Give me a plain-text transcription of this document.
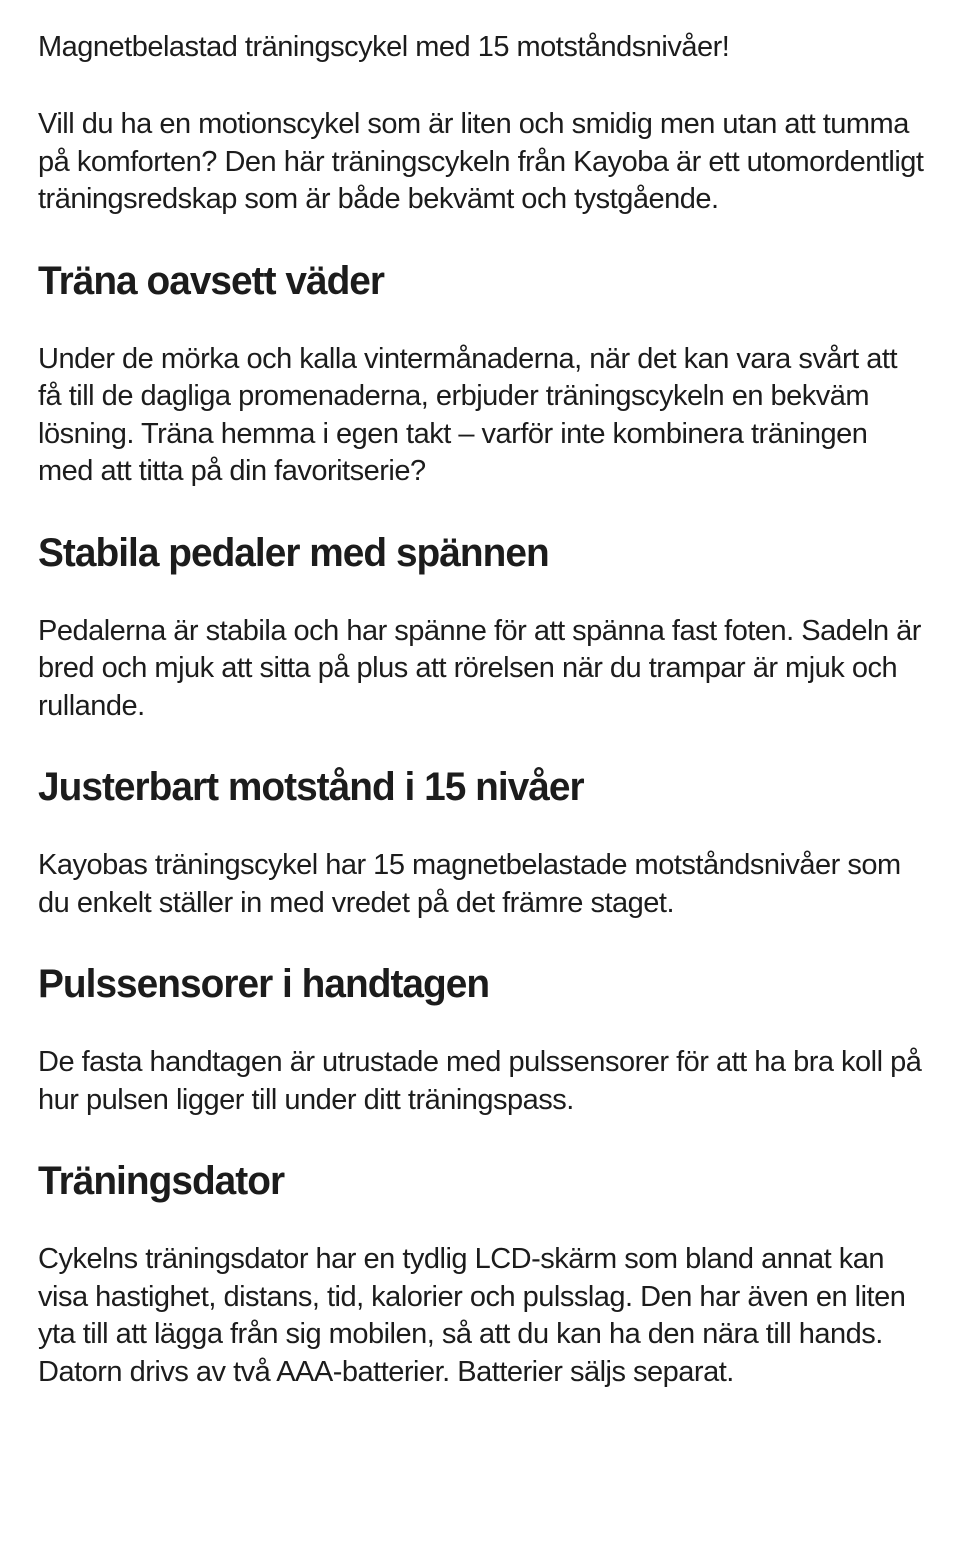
Magnetbelastad träningscykel med 15 motståndsnivåer!

Vill du ha en motionscykel som är liten och smidig men utan att tumma på komforten? Den här träningscykeln från Kayoba är ett utomordentligt träningsredskap som är både bekvämt och tystgående.

Träna oavsett väder

Under de mörka och kalla vintermånaderna, när det kan vara svårt att få till de dagliga promenaderna, erbjuder träningscykeln en bekväm lösning. Träna hemma i egen takt – varför inte kombinera träningen med att titta på din favoritserie?

Stabila pedaler med spännen

Pedalerna är stabila och har spänne för att spänna fast foten. Sadeln är bred och mjuk att sitta på plus att rörelsen när du trampar är mjuk och rullande.

Justerbart motstånd i 15 nivåer

Kayobas träningscykel har 15 magnetbelastade motståndsnivåer som du enkelt ställer in med vredet på det främre staget.

Pulssensorer i handtagen

De fasta handtagen är utrustade med pulssensorer för att ha bra koll på hur pulsen ligger till under ditt träningspass.

Träningsdator

Cykelns träningsdator har en tydlig LCD-skärm som bland annat kan visa hastighet, distans, tid, kalorier och pulsslag. Den har även en liten yta till att lägga från sig mobilen, så att du kan ha den nära till hands. Datorn drivs av två AAA-batterier. Batterier säljs separat.
